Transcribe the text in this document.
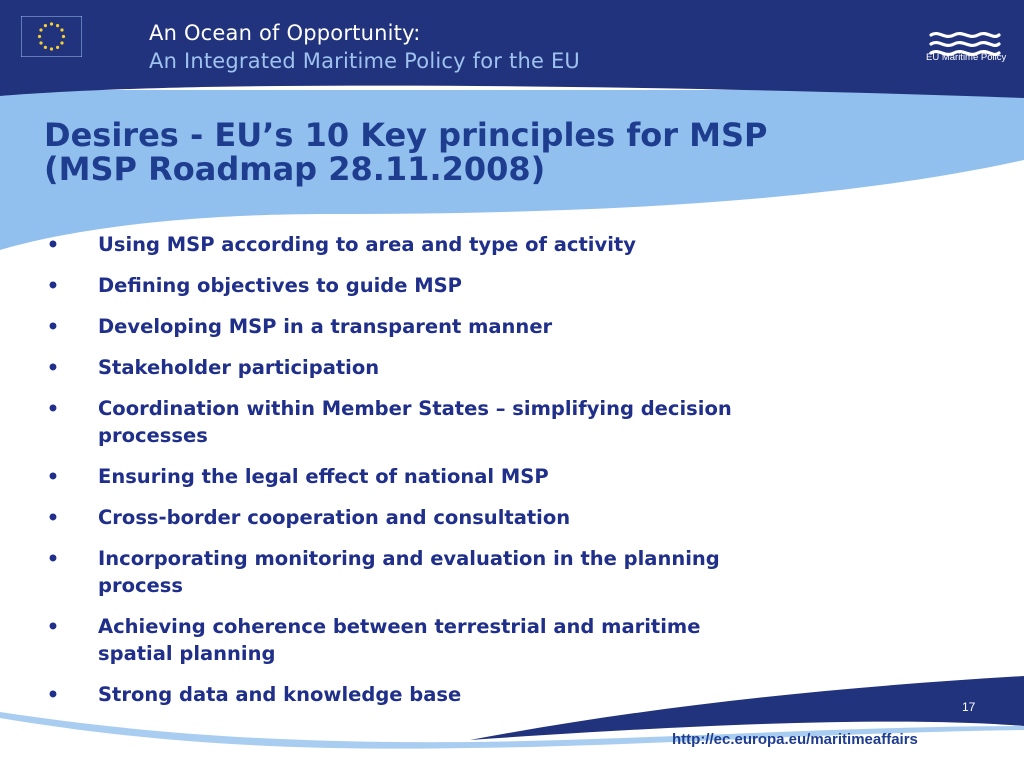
An Ocean of Opportunity:
An Integrated Maritime Policy for the EU	EU Maritime Policy
Desires - EU’s 10 Key principles for MSP
(MSP Roadmap 28.11.2008)
• Using MSP according to area and type of activity
• Defining objectives to guide MSP
• Developing MSP in a transparent manner
• Stakeholder participation
• Coordination within Member States – simplifying decision processes
• Ensuring the legal effect of national MSP
• Cross-border cooperation and consultation
• Incorporating monitoring and evaluation in the planning process
• Achieving coherence between terrestrial and maritime spatial planning
• Strong data and knowledge base
17
http://ec.europa.eu/maritimeaffairs
